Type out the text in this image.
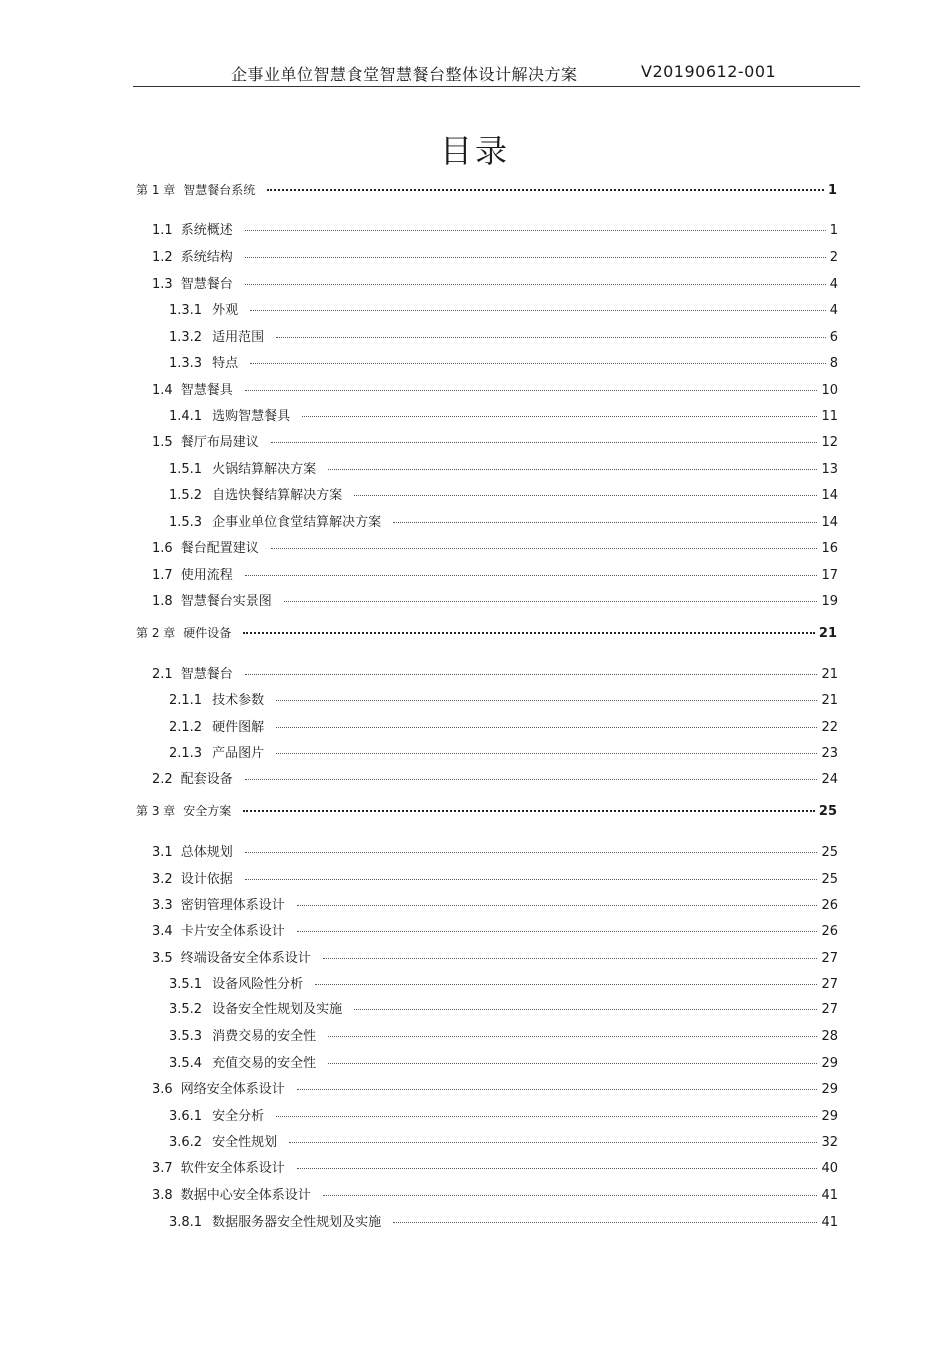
企事业单位智慧食堂智慧餐台整体设计解决方案	V20190612-001
目录
第 1 章 智慧餐台系统	1
1.1 系统概述	1
1.2 系统结构	2
1.3 智慧餐台	4
1.3.1 外观	4
1.3.2 适用范围	6
1.3.3 特点	8
1.4 智慧餐具	10
1.4.1 选购智慧餐具	11
1.5 餐厅布局建议	12
1.5.1 火锅结算解决方案	13
1.5.2 自选快餐结算解决方案	14
1.5.3 企事业单位食堂结算解决方案	14
1.6 餐台配置建议	16
1.7 使用流程	17
1.8 智慧餐台实景图	19
第 2 章 硬件设备	21
2.1 智慧餐台	21
2.1.1 技术参数	21
2.1.2 硬件图解	22
2.1.3 产品图片	23
2.2 配套设备	24
第 3 章 安全方案	25
3.1 总体规划	25
3.2 设计依据	25
3.3 密钥管理体系设计	26
3.4 卡片安全体系设计	26
3.5 终端设备安全体系设计	27
3.5.1 设备风险性分析	27
3.5.2 设备安全性规划及实施	27
3.5.3 消费交易的安全性	28
3.5.4 充值交易的安全性	29
3.6 网络安全体系设计	29
3.6.1 安全分析	29
3.6.2 安全性规划	32
3.7 软件安全体系设计	40
3.8 数据中心安全体系设计	41
3.8.1 数据服务器安全性规划及实施	41
